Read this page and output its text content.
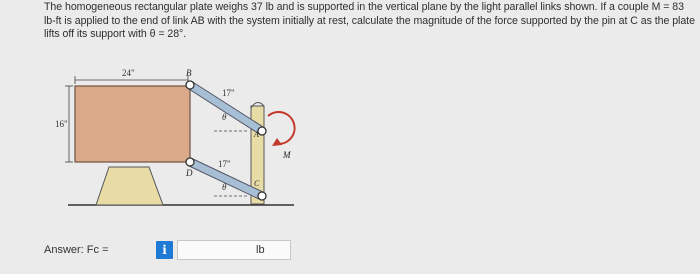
The homogeneous rectangular plate weighs 37 lb and is supported in the vertical plane by the light parallel links shown. If a couple M = 83 lb-ft is applied to the end of link AB with the system initially at rest, calculate the magnitude of the force supported by the pin at C as the plate lifts off its support with θ = 28°.
24"
16"
B
D
A
C
17"
17"
θ
θ
M
Answer: Fc =	i	lb
